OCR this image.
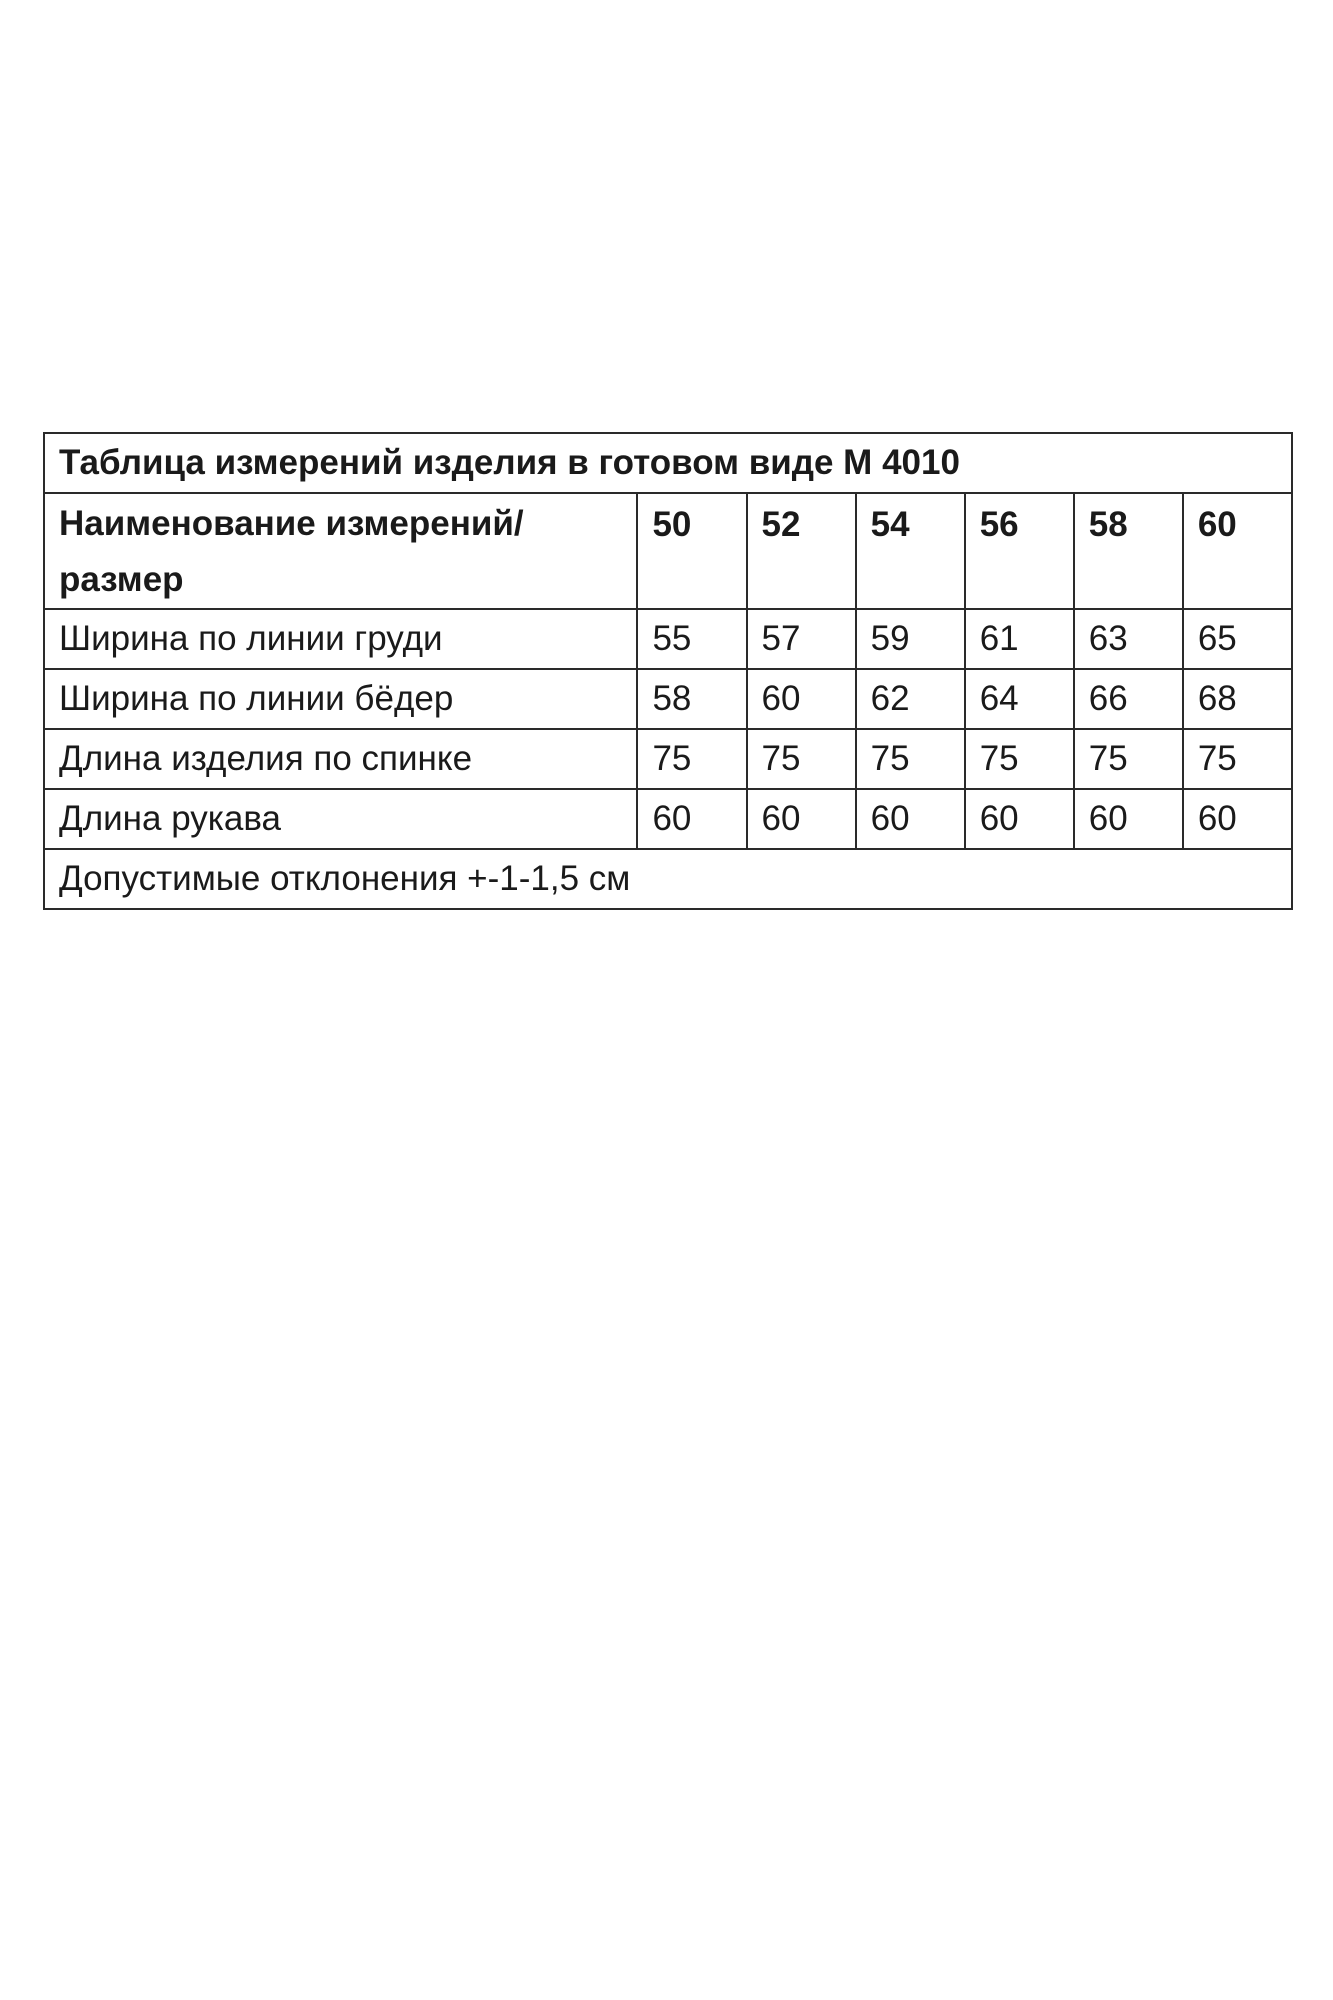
Таблица измерений изделия в готовом виде М 4010						
Наименование измерений/размер	50	52	54	56	58	60
Ширина по линии груди	55	57	59	61	63	65
Ширина по линии бёдер	58	60	62	64	66	68
Длина изделия по спинке	75	75	75	75	75	75
Длина рукава	60	60	60	60	60	60
Допустимые отклонения +-1-1,5 см						
